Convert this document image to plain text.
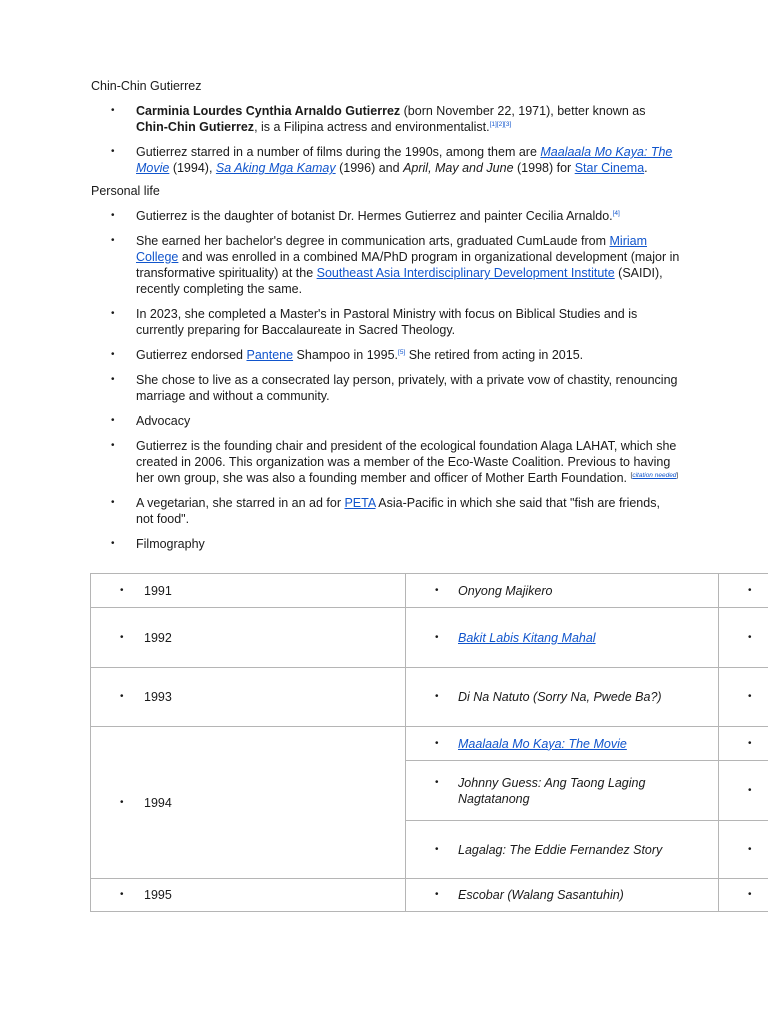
Chin-Chin Gutierrez
• Carminia Lourdes Cynthia Arnaldo Gutierrez (born November 22, 1971), better known as Chin-Chin Gutierrez, is a Filipina actress and environmentalist.[1][2][3]
• Gutierrez starred in a number of films during the 1990s, among them are Maalaala Mo Kaya: The Movie (1994), Sa Aking Mga Kamay (1996) and April, May and June (1998) for Star Cinema.
Personal life
• Gutierrez is the daughter of botanist Dr. Hermes Gutierrez and painter Cecilia Arnaldo.[4]
• She earned her bachelor's degree in communication arts, graduated CumLaude from Miriam College and was enrolled in a combined MA/PhD program in organizational development (major in transformative spirituality) at the Southeast Asia Interdisciplinary Development Institute (SAIDI), recently completing the same.
• In 2023, she completed a Master's in Pastoral Ministry with focus on Biblical Studies and is currently preparing for Baccalaureate in Sacred Theology.
• Gutierrez endorsed Pantene Shampoo in 1995.[5] She retired from acting in 2015.
• She chose to live as a consecrated lay person, privately, with a private vow of chastity, renouncing marriage and without a community.
• Advocacy
• Gutierrez is the founding chair and president of the ecological foundation Alaga LAHAT, which she created in 2006. This organization was a member of the Eco-Waste Coalition. Previous to having her own group, she was also a founding member and officer of Mother Earth Foundation. [citation needed]
• A vegetarian, she starred in an ad for PETA Asia-Pacific in which she said that "fish are friends, not food".
• Filmography
• 1991	• Onyong Majikero	•

• 1992	• Bakit Labis Kitang Mahal	•

• 1993	• Di Na Natuto (Sorry Na, Pwede Ba?)	•

• 1994	• Maalaala Mo Kaya: The Movie	•

	• Johnny Guess: Ang Taong Laging Nagtatanong	•

	• Lagalag: The Eddie Fernandez Story	•

• 1995	• Escobar (Walang Sasantuhin)	•
